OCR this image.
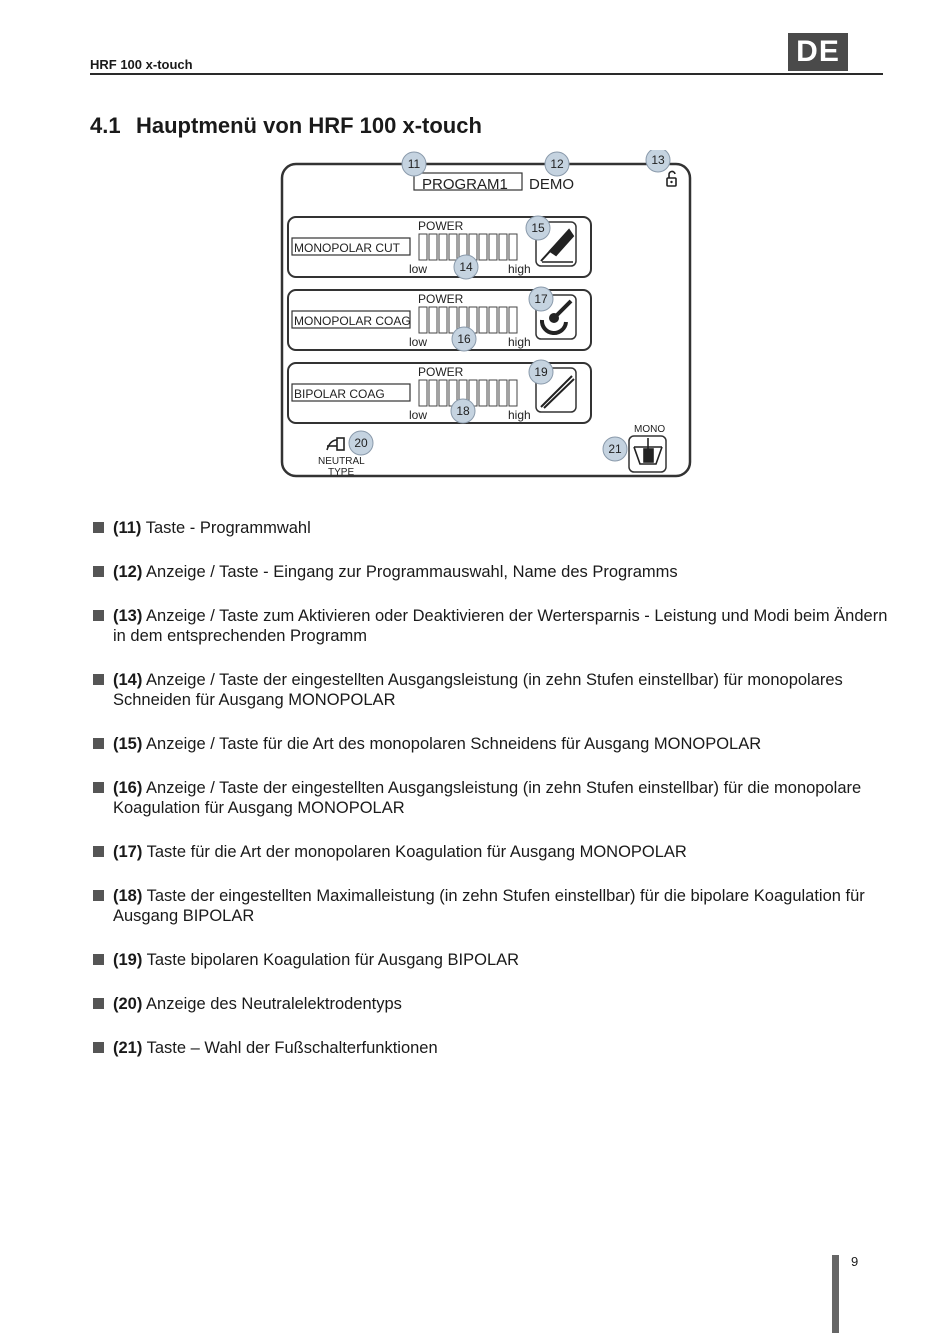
HRF 100 x-touch	DE
4.1 Hauptmenü von HRF 100 x-touch
PROGRAM1 DEMO
MONOPOLAR CUT
POWER
low	high
MONOPOLAR COAG
POWER
low	high
BIPOLAR COAG
POWER
low	high
NEUTRAL
TYPE
MONO
11	12	13
14
15
16
17
18
19
20	21
(11) Taste - Programmwahl
(12) Anzeige / Taste - Eingang zur Programmauswahl, Name des Programms
(13) Anzeige / Taste zum Aktivieren oder Deaktivieren der Wertersparnis - Leistung und Modi beim Ändern in dem entsprechenden Programm
(14) Anzeige / Taste der eingestellten Ausgangsleistung (in zehn Stufen einstellbar) für monopolares Schneiden für Ausgang MONOPOLAR
(15) Anzeige / Taste für die Art des monopolaren Schneidens für Ausgang MONOPOLAR
(16) Anzeige / Taste der eingestellten Ausgangsleistung (in zehn Stufen einstellbar) für die monopolare Koagulation für Ausgang MONOPOLAR
(17) Taste für die Art der monopolaren Koagulation für Ausgang MONOPOLAR
(18) Taste der eingestellten Maximalleistung (in zehn Stufen einstellbar) für die bipolare Koagulation für Ausgang BIPOLAR
(19) Taste bipolaren Koagulation für Ausgang BIPOLAR
(20) Anzeige des Neutralelektrodentyps
(21) Taste – Wahl der Fußschalterfunktionen
9
